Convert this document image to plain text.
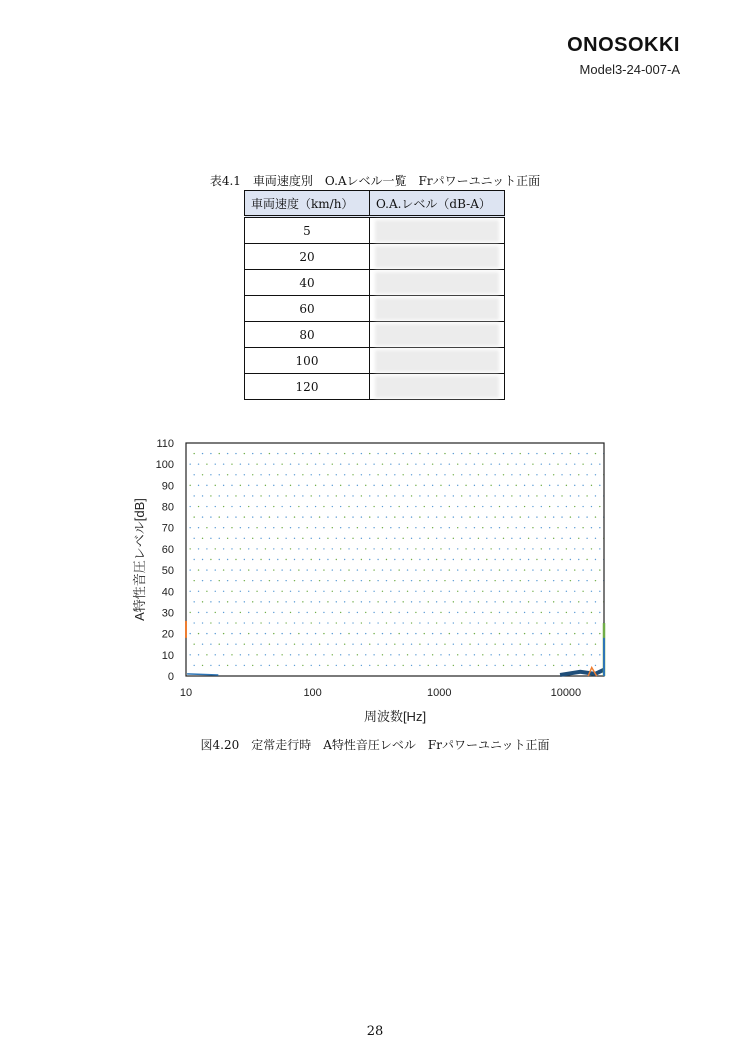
ONOSOKKI
Model3-24-007-A
表4.1　車両速度別　O.Aレベル一覧　Frパワーユニット正面
車両速度（km/h）	O.A.レベル（dB-A）
5	
20	
40	
60	
80	
100	
120	
0
10
20
30
40
50
60
70
80
90
100
110
10	100	1000	10000
周波数[Hz]
A特性音圧レベル[dB]
図4.20　定常走行時　A特性音圧レベル　Frパワーユニット正面
28
